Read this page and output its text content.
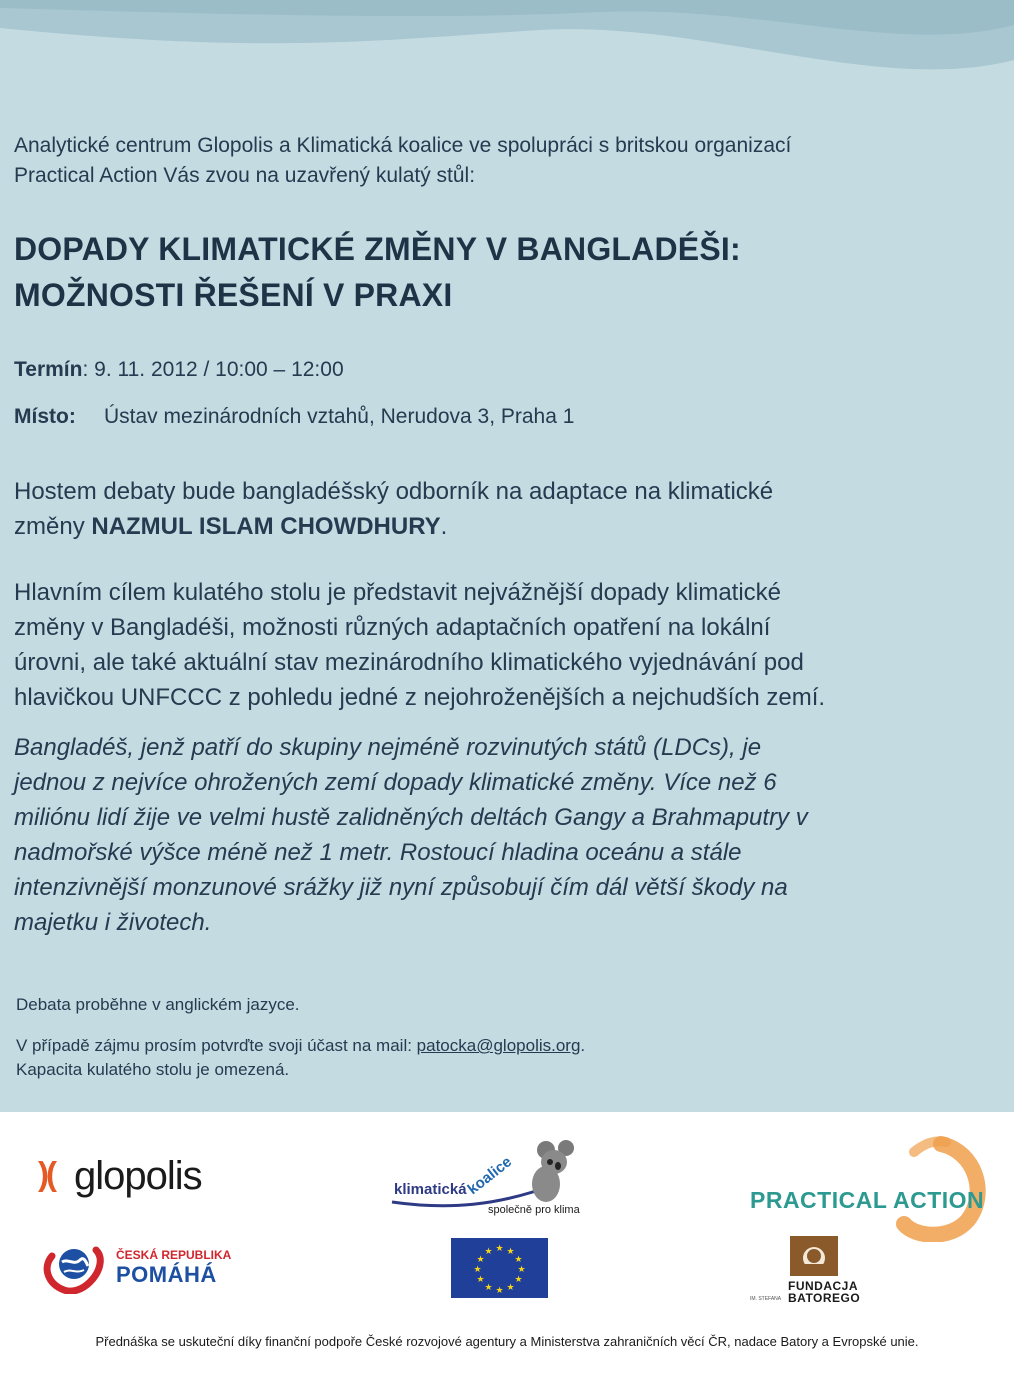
Analytické centrum Glopolis a Klimatická koalice ve spolupráci s britskou organizací
Practical Action Vás zvou na uzavřený kulatý stůl:
DOPADY KLIMATICKÉ ZMĚNY V BANGLADÉŠI:
MOŽNOSTI ŘEŠENÍ V PRAXI
Termín: 9. 11. 2012 / 10:00 – 12:00
Místo: Ústav mezinárodních vztahů, Nerudova 3, Praha 1
Hostem debaty bude bangladéšský odborník na adaptace na klimatické
změny NAZMUL ISLAM CHOWDHURY.
Hlavním cílem kulatého stolu je představit nejvážnější dopady klimatické
změny v Bangladéši, možnosti různých adaptačních opatření na lokální
úrovni, ale také aktuální stav mezinárodního klimatického vyjednávání pod
hlavičkou UNFCCC z pohledu jedné z nejohroženějších a nejchudších zemí.
Bangladéš, jenž patří do skupiny nejméně rozvinutých států (LDCs), je
jednou z nejvíce ohrožených zemí dopady klimatické změny. Více než 6
miliónu lidí žije ve velmi hustě zalidněných deltách Gangy a Brahmaputry v
nadmořské výšce méně než 1 metr. Rostoucí hladina oceánu a stále
intenzivnější monzunové srážky již nyní způsobují čím dál větší škody na
majetku i životech.
Debata proběhne v anglickém jazyce.
V případě zájmu prosím potvrďte svoji účast na mail: patocka@glopolis.org.
Kapacita kulatého stolu je omezená.
)( glopolis	klimatická koalice
společně pro klima	PRACTICAL ACTION
ČESKÁ REPUBLIKA
POMÁHÁ
★ ★
★
★
★
★
★
★
★
★
★
★
IM. STEFANA
FUNDACJA
BATOREGO
Přednáška se uskuteční díky finanční podpoře České rozvojové agentury a Ministerstva zahraničních věcí ČR, nadace Batory a Evropské unie.
